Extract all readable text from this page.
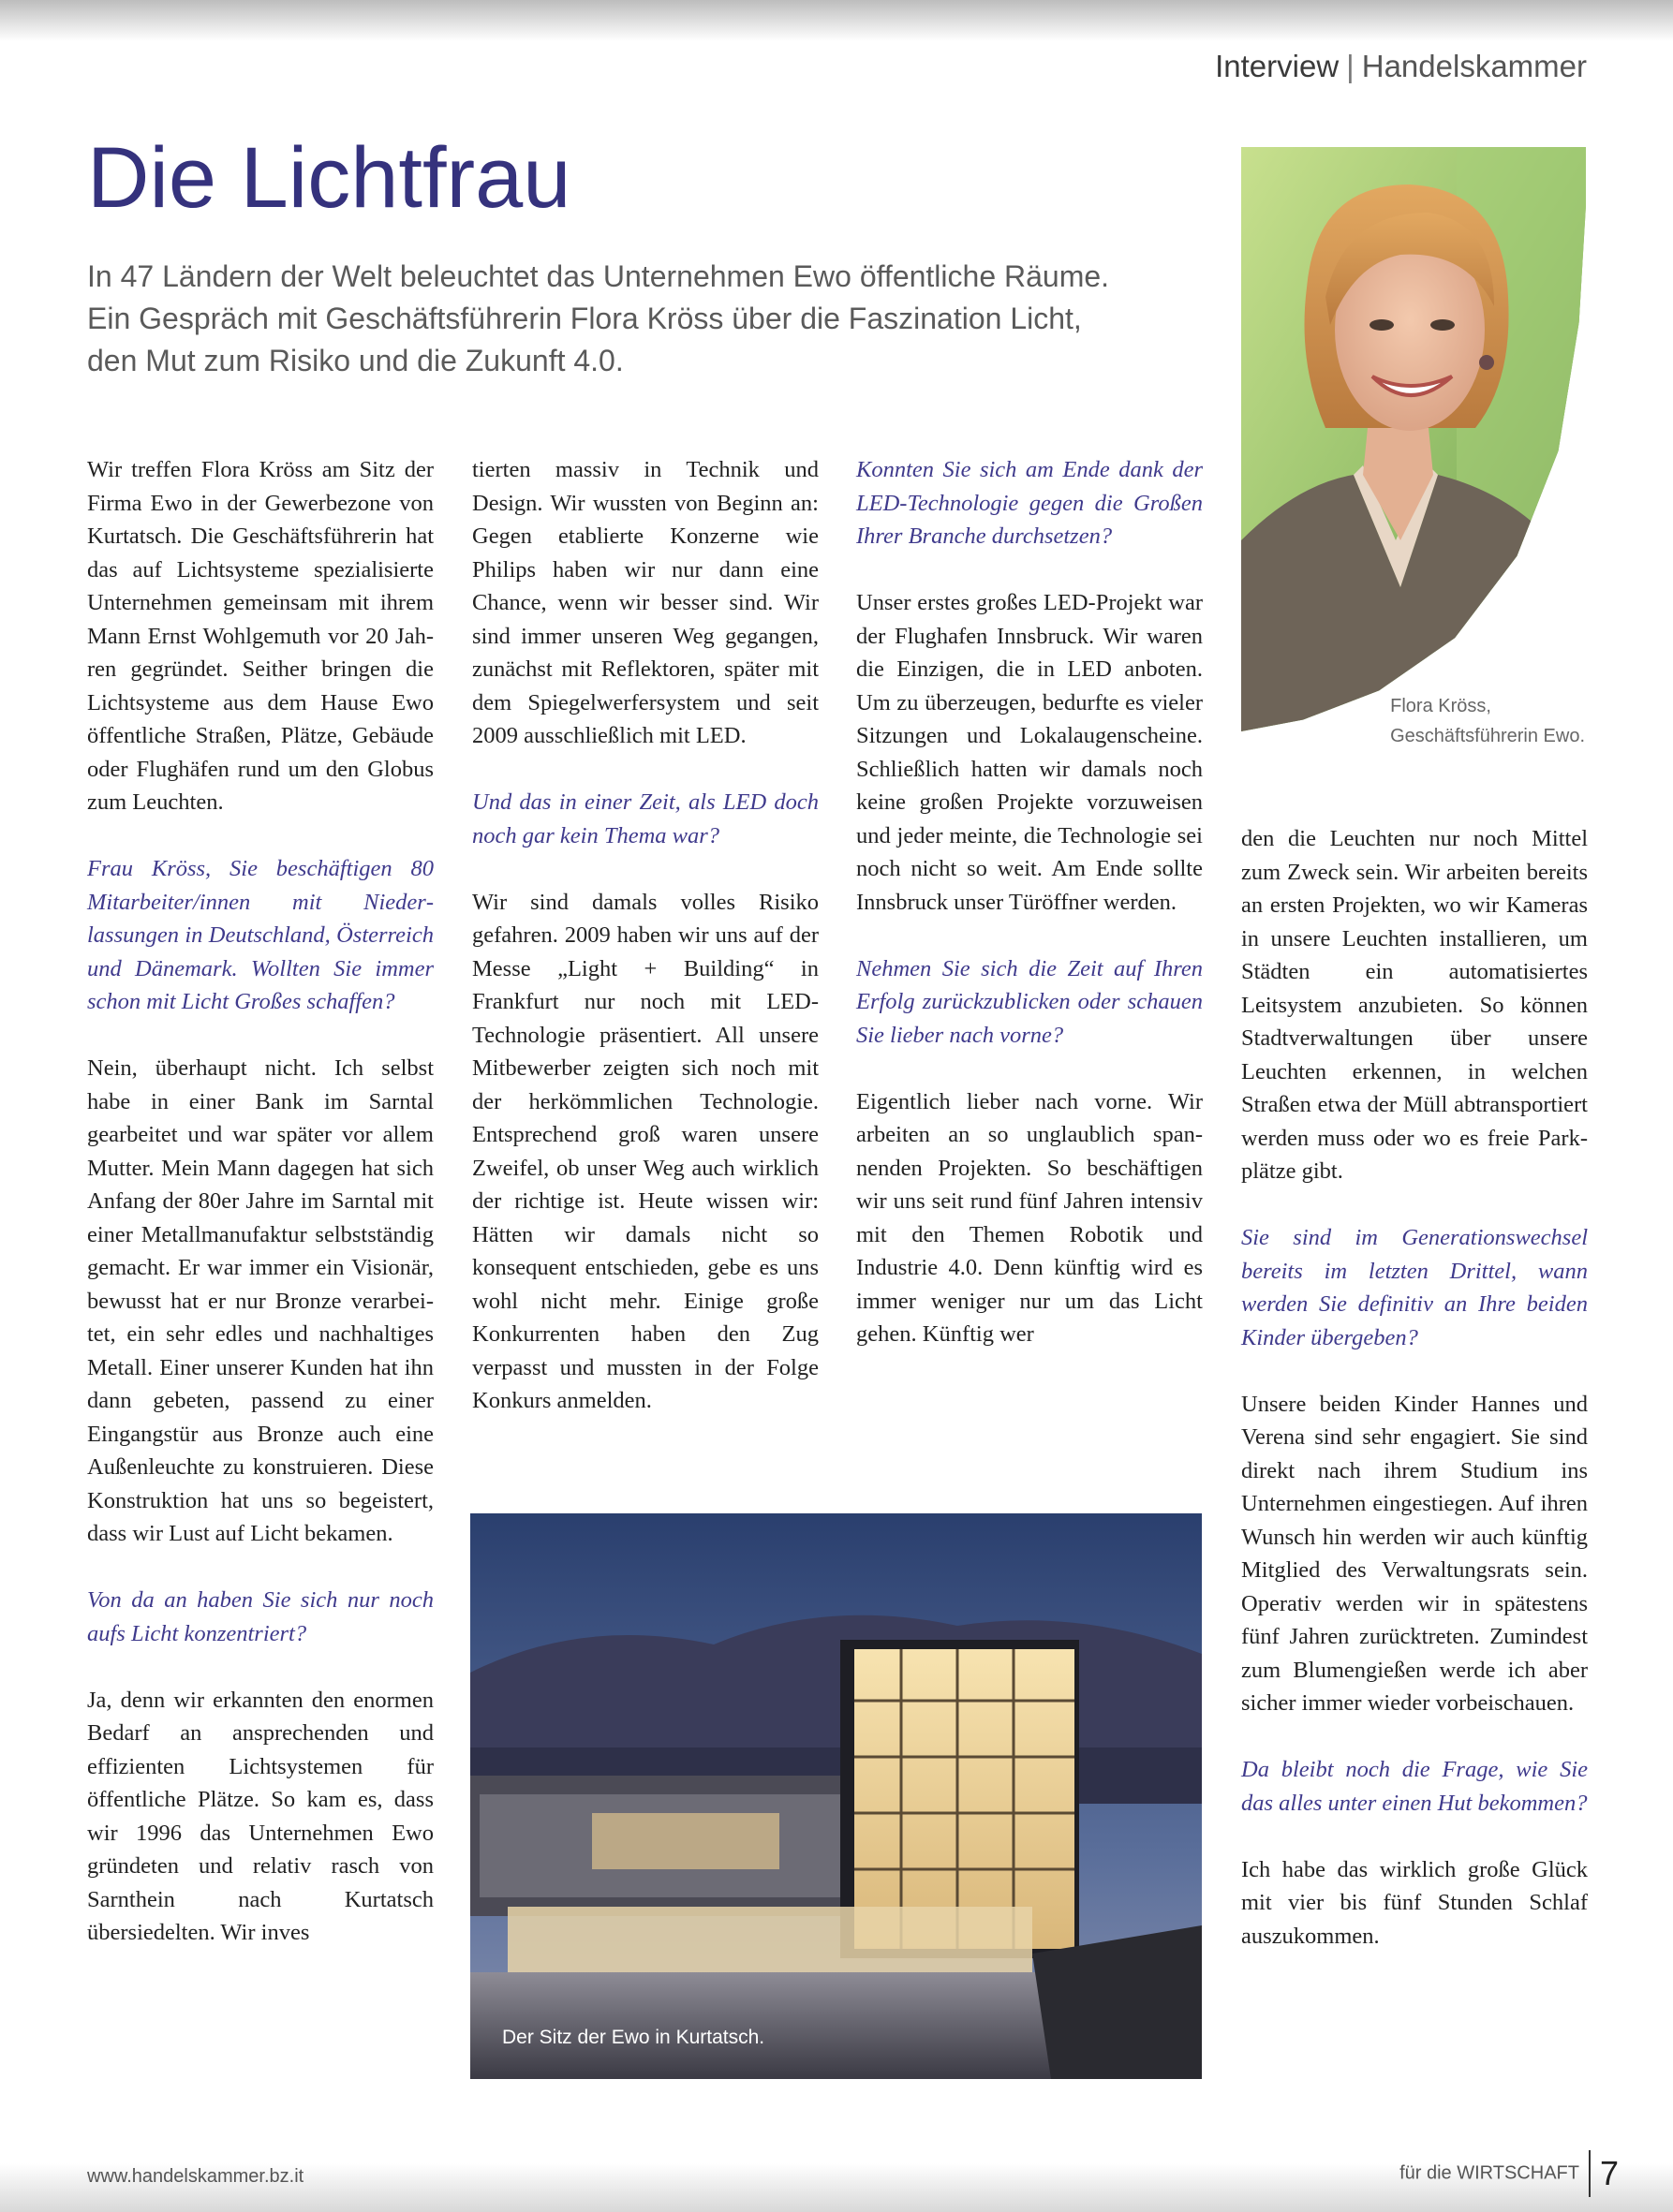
Interview | Handelskammer
Die Lichtfrau

In 47 Ländern der Welt beleuchtet das Unternehmen Ewo öffentliche Räume. Ein Gespräch mit Geschäftsführerin Flora Kröss über die Faszination Licht, den Mut zum Risiko und die Zukunft 4.0.

Flora Kröss,
Geschäftsführerin Ewo.

Wir treffen Flora Kröss am Sitz der Firma Ewo in der Gewerbezone von Kurtatsch. Die Geschäftsführerin hat das auf Lichtsysteme spezialisierte Unternehmen gemeinsam mit ihrem Mann Ernst Wohlgemuth vor 20 Jahren gegründet. Seither bringen die Lichtsysteme aus dem Hause Ewo öffentliche Straßen, Plätze, Gebäude oder Flughäfen rund um den Globus zum Leuchten.

Frau Kröss, Sie beschäftigen 80 Mitarbeiter/innen mit Niederlassungen in Deutschland, Österreich und Dänemark. Wollten Sie immer schon mit Licht Großes schaffen?

Nein, überhaupt nicht. Ich selbst habe in einer Bank im Sarntal gearbeitet und war später vor allem Mutter. Mein Mann dagegen hat sich Anfang der 80er Jahre im Sarntal mit einer Metallmanufaktur selbstständig gemacht. Er war immer ein Visionär, bewusst hat er nur Bronze verarbeitet, ein sehr edles und nachhaltiges Metall. Einer unserer Kunden hat ihn dann gebeten, passend zu einer Eingangstür aus Bronze auch eine Außenleuchte zu konstruieren. Diese Konstruktion hat uns so begeistert, dass wir Lust auf Licht bekamen.

Von da an haben Sie sich nur noch aufs Licht konzentriert?

Ja, denn wir erkannten den enormen Bedarf an ansprechenden und effizienten Lichtsystemen für öffentliche Plätze. So kam es, dass wir 1996 das Unternehmen Ewo gründeten und relativ rasch von Sarnthein nach Kurtatsch übersiedelten. Wir inves

tierten massiv in Technik und Design. Wir wussten von Beginn an: Gegen etablierte Konzerne wie Philips haben wir nur dann eine Chance, wenn wir besser sind. Wir sind immer unseren Weg gegangen, zunächst mit Reflektoren, später mit dem Spiegelwerfersystem und seit 2009 ausschließlich mit LED.

Und das in einer Zeit, als LED doch noch gar kein Thema war?

Wir sind damals volles Risiko gefahren. 2009 haben wir uns auf der Messe „Light + Building“ in Frankfurt nur noch mit LED-Technologie präsentiert. All unsere Mitbewerber zeigten sich noch mit der herkömmlichen Technologie. Entsprechend groß waren unsere Zweifel, ob unser Weg auch wirklich der richtige ist. Heute wissen wir: Hätten wir damals nicht so konsequent entschieden, gebe es uns wohl nicht mehr. Einige große Konkurrenten haben den Zug verpasst und mussten in der Folge Konkurs anmelden.

Konnten Sie sich am Ende dank der LED-Technologie gegen die Großen Ihrer Branche durchsetzen?

Unser erstes großes LED-Projekt war der Flughafen Innsbruck. Wir waren die Einzigen, die in LED anboten. Um zu überzeugen, bedurfte es vieler Sitzungen und Lokalaugenscheine. Schließlich hatten wir damals noch keine großen Projekte vorzuweisen und jeder meinte, die Technologie sei noch nicht so weit. Am Ende sollte Innsbruck unser Türöffner werden.

Nehmen Sie sich die Zeit auf Ihren Erfolg zurückzublicken oder schauen Sie lieber nach vorne?

Eigentlich lieber nach vorne. Wir arbeiten an so unglaublich spannenden Projekten. So beschäftigen wir uns seit rund fünf Jahren intensiv mit den Themen Robotik und Industrie 4.0. Denn künftig wird es immer weniger nur um das Licht gehen. Künftig wer

den die Leuchten nur noch Mittel zum Zweck sein. Wir arbeiten bereits an ersten Projekten, wo wir Kameras in unsere Leuchten installieren, um Städten ein automatisiertes Leitsystem anzubieten. So können Stadtverwaltungen über unsere Leuchten erkennen, in welchen Straßen etwa der Müll abtransportiert werden muss oder wo es freie Parkplätze gibt.

Sie sind im Generationswechsel bereits im letzten Drittel, wann werden Sie definitiv an Ihre beiden Kinder übergeben?

Unsere beiden Kinder Hannes und Verena sind sehr engagiert. Sie sind direkt nach ihrem Studium ins Unternehmen eingestiegen. Auf ihren Wunsch hin werden wir auch künftig Mitglied des Verwaltungsrats sein. Operativ werden wir in spätestens fünf Jahren zurücktreten. Zumindest zum Blumengießen werde ich aber sicher immer wieder vorbeischauen.

Da bleibt noch die Frage, wie Sie das alles unter einen Hut bekommen?

Ich habe das wirklich große Glück mit vier bis fünf Stunden Schlaf auszukommen.

Der Sitz der Ewo in Kurtatsch.
www.handelskammer.bz.it	für die WIRTSCHAFT 7
